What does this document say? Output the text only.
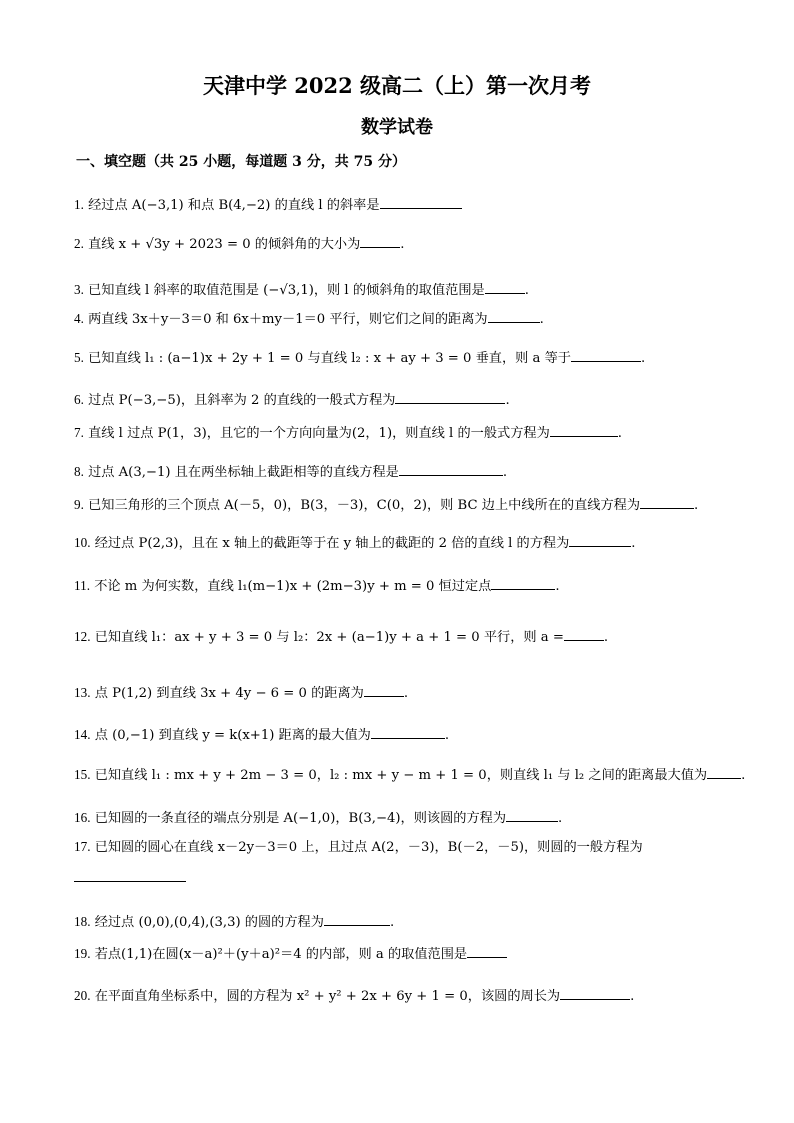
天津中学 2022 级高二（上）第一次月考
数学试卷
一、填空题（共 25 小题，每道题 3 分，共 75 分）
1. 经过点 A(−3,1) 和点 B(4,−2) 的直线 l 的斜率是
2. 直线 x + √3y + 2023 = 0 的倾斜角的大小为	.
3. 已知直线 l 斜率的取值范围是 (−√3,1)，则 l 的倾斜角的取值范围是	.
4. 两直线 3x＋y－3＝0 和 6x＋my－1＝0 平行，则它们之间的距离为	.
5. 已知直线 l₁ : (a−1)x + 2y + 1 = 0 与直线 l₂ : x + ay + 3 = 0 垂直，则 a 等于	.
6. 过点 P(−3,−5)，且斜率为 2 的直线的一般式方程为	.
7. 直线 l 过点 P(1，3)，且它的一个方向向量为(2，1)，则直线 l 的一般式方程为	.
8. 过点 A(3,−1) 且在两坐标轴上截距相等的直线方程是	.
9. 已知三角形的三个顶点 A(－5，0)，B(3，－3)，C(0，2)，则 BC 边上中线所在的直线方程为	.
10. 经过点 P(2,3)，且在 x 轴上的截距等于在 y 轴上的截距的 2 倍的直线 l 的方程为	.
11. 不论 m 为何实数，直线 l₁(m−1)x + (2m−3)y + m = 0 恒过定点	.
12. 已知直线 l₁：ax + y + 3 = 0 与 l₂：2x + (a−1)y + a + 1 = 0 平行，则 a =	.
13. 点 P(1,2) 到直线 3x + 4y − 6 = 0 的距离为	.
14. 点 (0,−1) 到直线 y = k(x+1) 距离的最大值为	.
15. 已知直线 l₁ : mx + y + 2m − 3 = 0，l₂ : mx + y − m + 1 = 0，则直线 l₁ 与 l₂ 之间的距离最大值为	.
16. 已知圆的一条直径的端点分别是 A(−1,0)，B(3,−4)，则该圆的方程为	.
17. 已知圆的圆心在直线 x－2y－3＝0 上，且过点 A(2，－3)，B(－2，－5)，则圆的一般方程为
18. 经过点 (0,0),(0,4),(3,3) 的圆的方程为	.
19. 若点(1,1)在圆(x－a)²＋(y＋a)²＝4 的内部，则 a 的取值范围是
20. 在平面直角坐标系中，圆的方程为 x² + y² + 2x + 6y + 1 = 0，该圆的周长为	.
